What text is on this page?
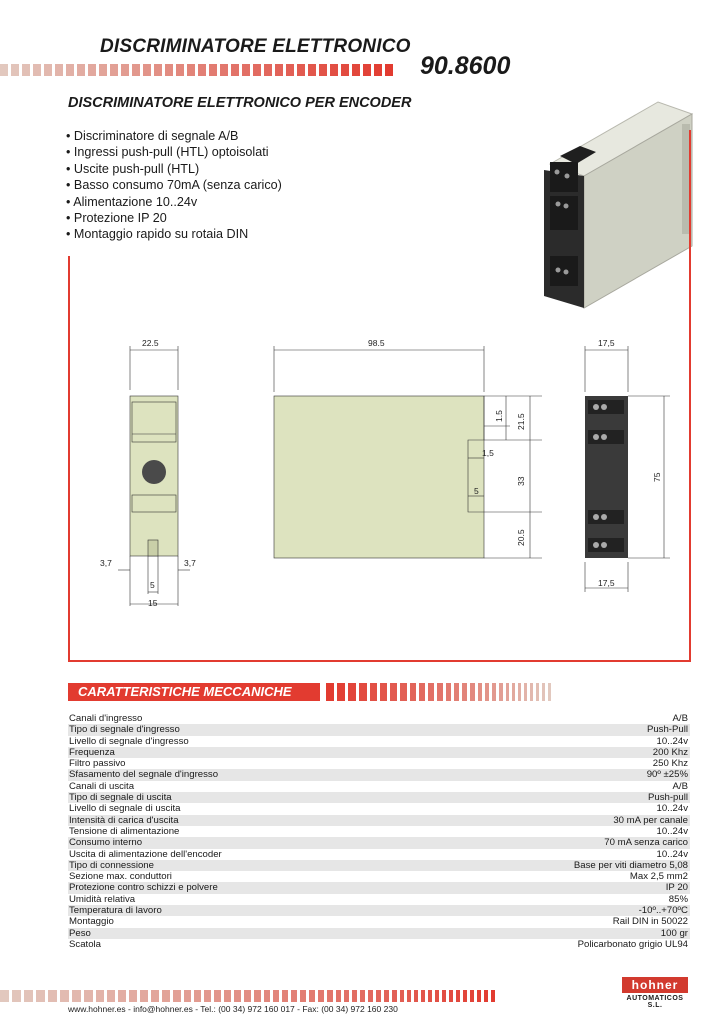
DISCRIMINATORE ELETTRONICO
90.8600
DISCRIMINATORE ELETTRONICO PER ENCODER
• Discriminatore di segnale A/B
• Ingressi push-pull (HTL) optoisolati
• Uscite push-pull (HTL)
• Basso consumo 70mA (senza carico)
• Alimentazione 10..24v
• Protezione IP 20
• Montaggio rapido su rotaia DIN
22.5
3,7	3,7
5
15
98.5
1.5 21.5
1,5
33
5
20.5
17,5
75
17,5
CARATTERISTICHE MECCANICHE
Canali d'ingresso	A/B
Tipo di segnale d'ingresso	Push-Pull
Livello di segnale d'ingresso	10..24v
Frequenza	200 Khz
Filtro passivo	250 Khz
Sfasamento del segnale d'ingresso	90º ±25%
Canali di uscita	A/B
Tipo di segnale di uscita	Push-pull
Livello di segnale di uscita	10..24v
Intensità di carica d'uscita	30 mA per canale
Tensione di alimentazione	10..24v
Consumo interno	70 mA senza carico
Uscita di alimentazione dell'encoder	10..24v
Tipo di connessione	Base per viti diametro 5,08
Sezione max. conduttori	Max 2,5 mm2
Protezione contro schizzi e polvere	IP 20
Umidità relativa	85%
Temperatura di lavoro	-10º..+70ºC
Montaggio	Rail DIN in 50022
Peso	100 gr
Scatola	Policarbonato grigio UL94
hohner
AUTOMATICOS S.L.
www.hohner.es - info@hohner.es - Tel.: (00 34) 972 160 017 - Fax: (00 34) 972 160 230
